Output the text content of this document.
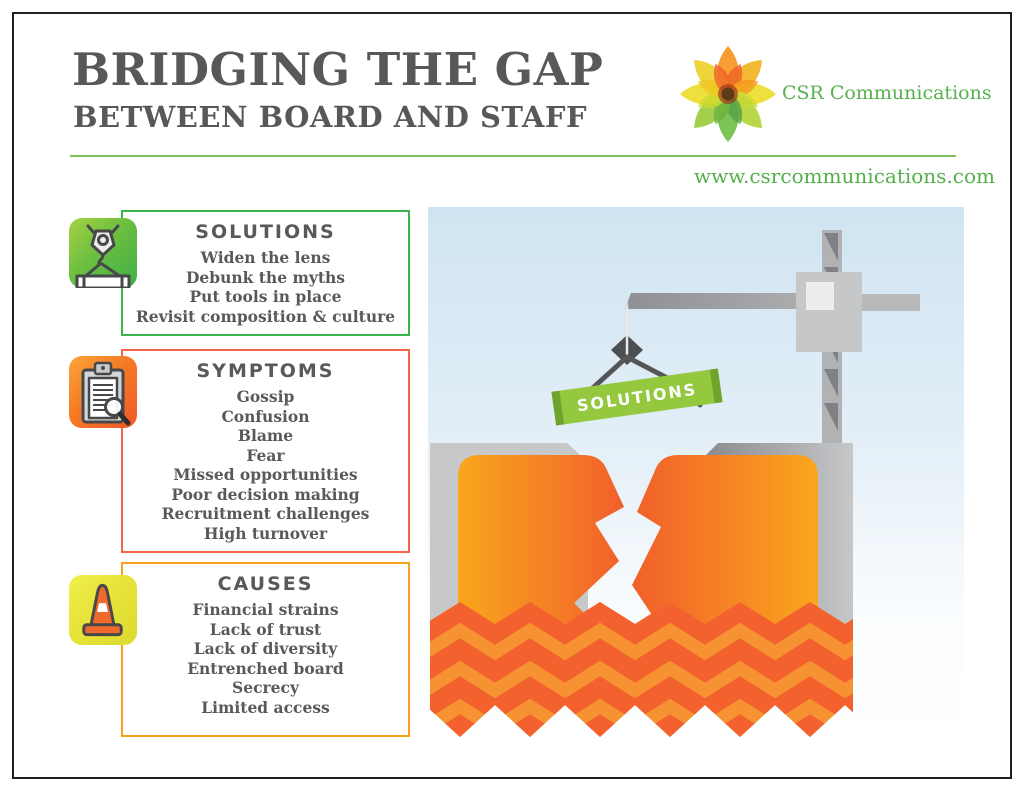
BRIDGING THE GAP
BETWEEN BOARD AND STAFF
CSR Communications
www.csrcommunications.com
SOLUTIONS
Widen the lens
Debunk the myths
Put tools in place
Revisit composition & culture
SYMPTOMS
Gossip
Confusion
Blame
Fear
Missed opportunities
Poor decision making
Recruitment challenges
High turnover
CAUSES
Financial strains
Lack of trust
Lack of diversity
Entrenched board
Secrecy
Limited access
SOLUTIONS
